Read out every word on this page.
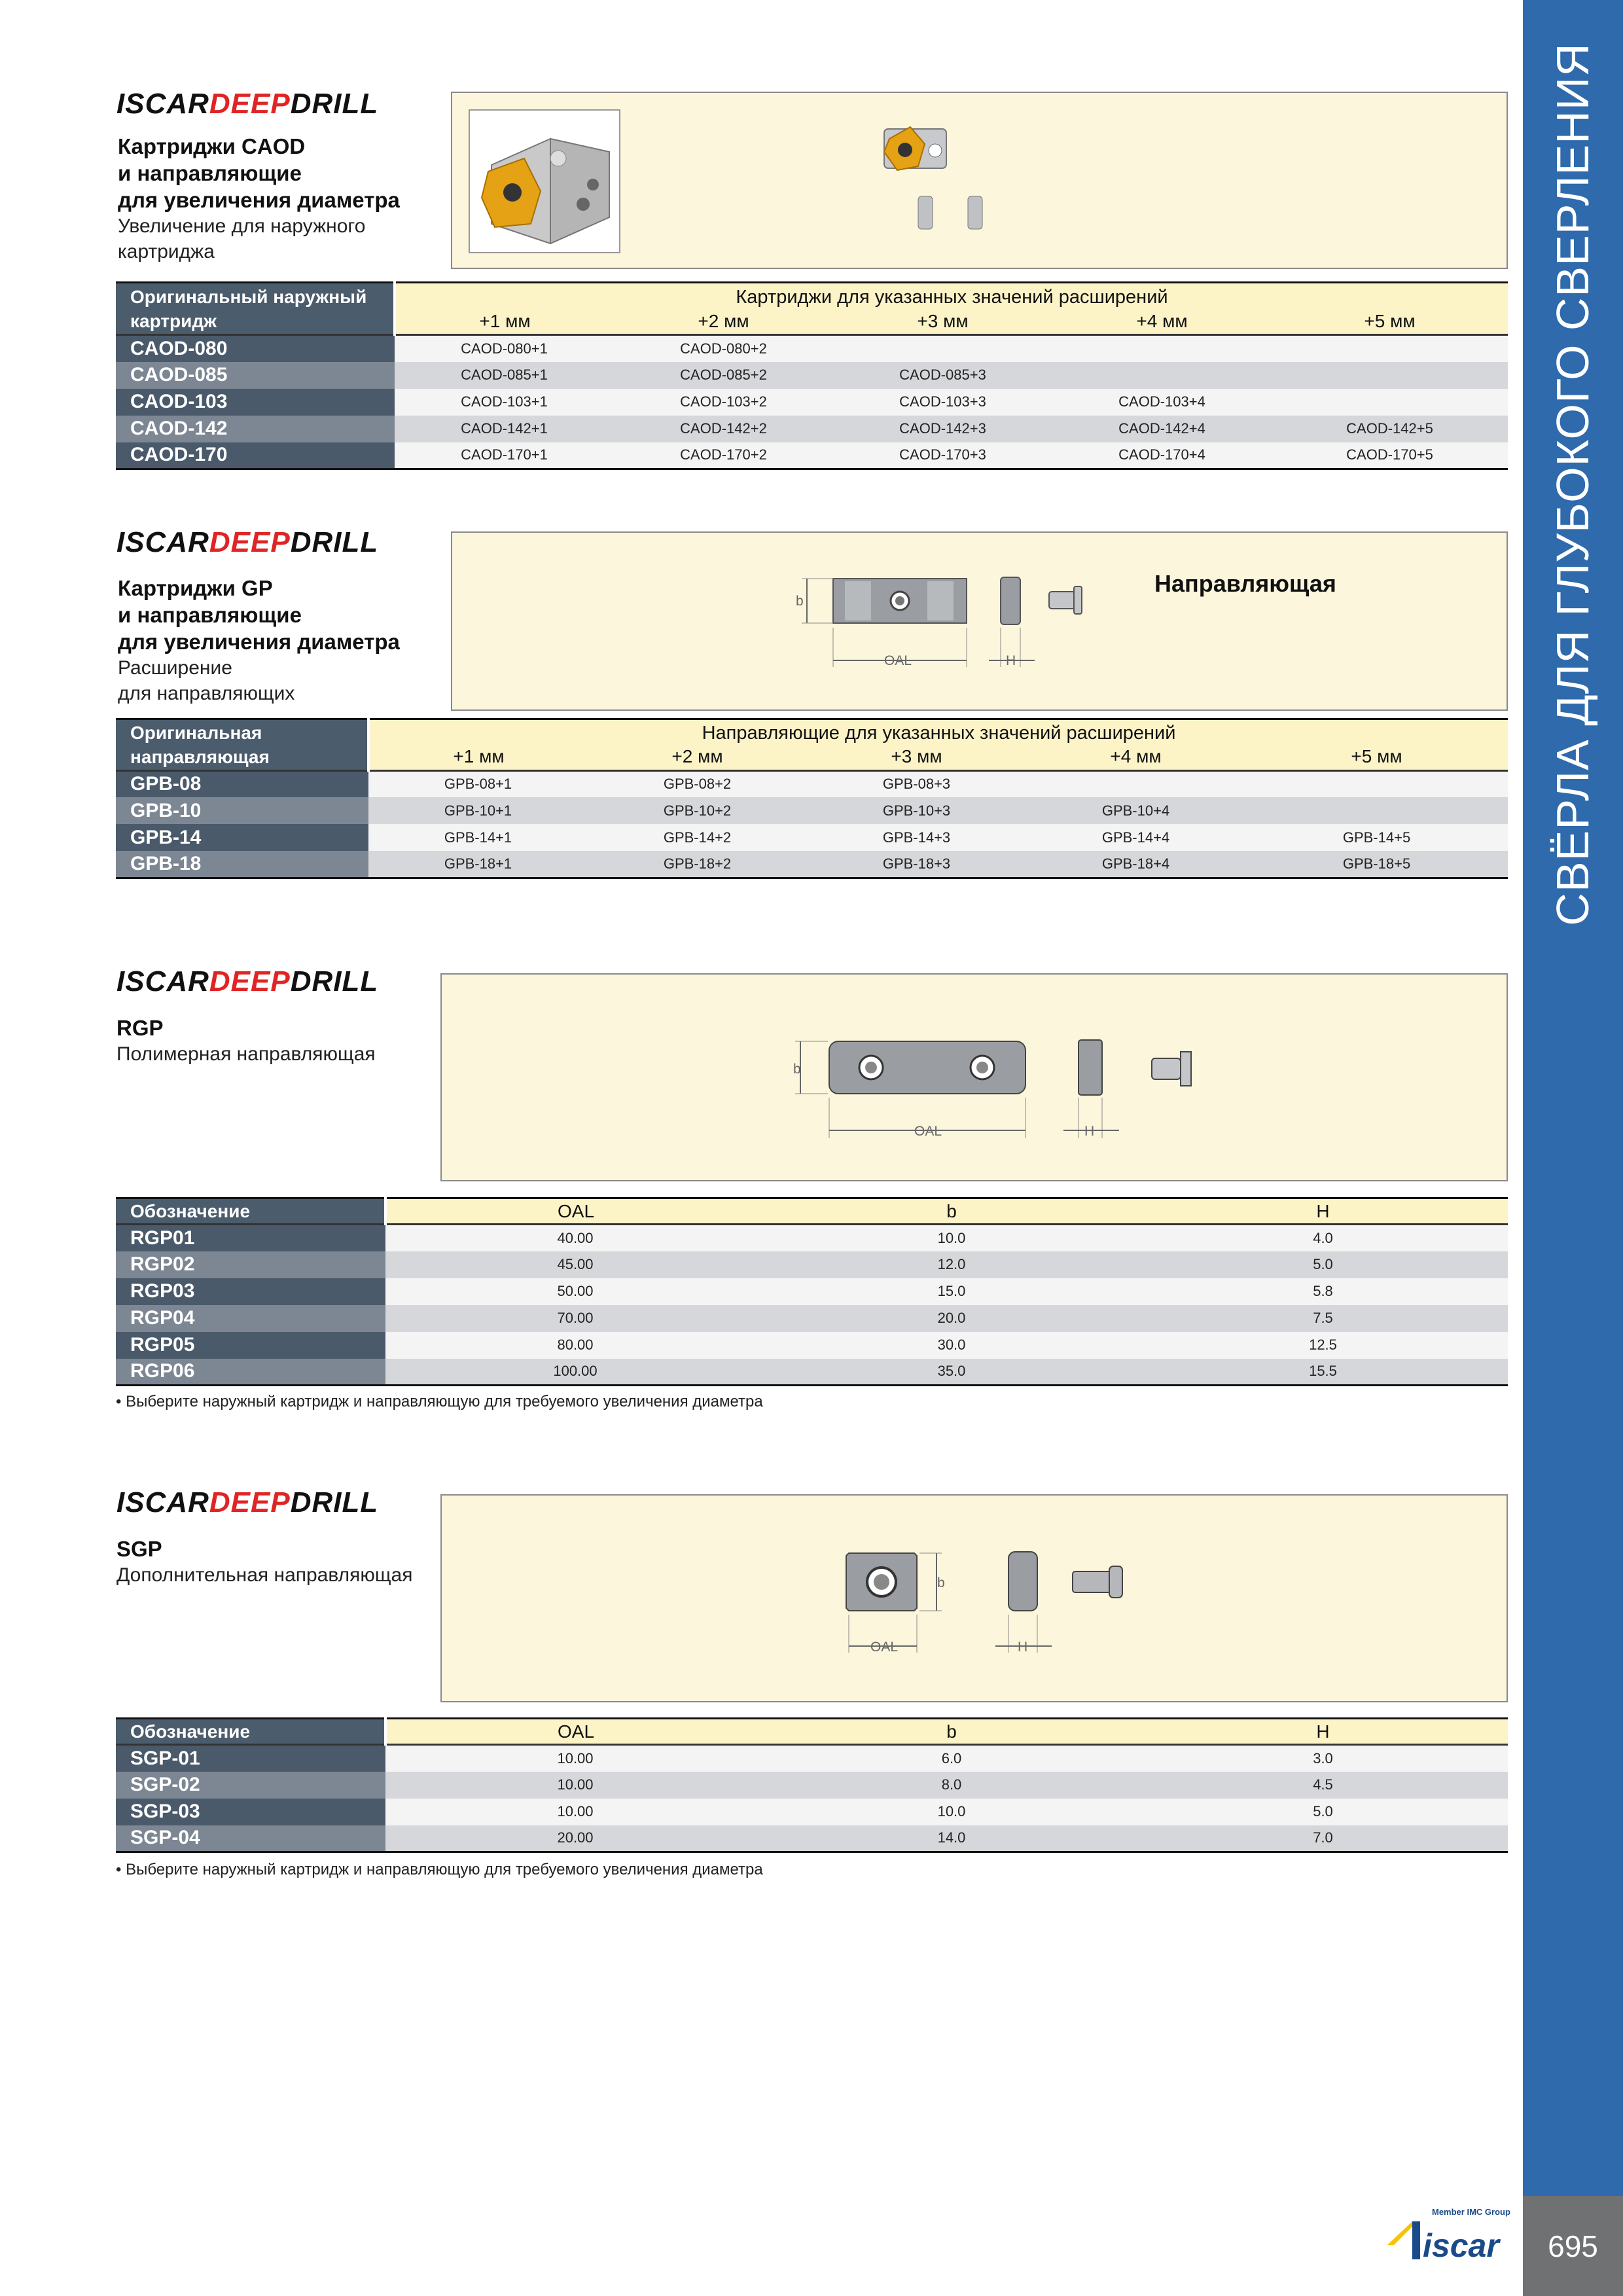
СВЁРЛА ДЛЯ ГЛУБОКОГО СВЕРЛЕНИЯ
695
Member IMC Group
iscar
ISCARDEEPDRILL
Картриджи CAOD
и направляющие
для увеличения диаметра
Увеличение для наружного
картриджа
Оригинальный наружный
картридж	Картриджи для указанных значений расширений				
	+1 мм	+2 мм	+3 мм	+4 мм	+5 мм
CAOD-080	CAOD-080+1	CAOD-080+2			
CAOD-085	CAOD-085+1	CAOD-085+2	CAOD-085+3		
CAOD-103	CAOD-103+1	CAOD-103+2	CAOD-103+3	CAOD-103+4	
CAOD-142	CAOD-142+1	CAOD-142+2	CAOD-142+3	CAOD-142+4	CAOD-142+5
CAOD-170	CAOD-170+1	CAOD-170+2	CAOD-170+3	CAOD-170+4	CAOD-170+5
ISCARDEEPDRILL
Картриджи GP
и направляющие
для увеличения диаметра
Расширение
для направляющих
b
OAL	H
Направляющая
Оригинальная
направляющая	Направляющие для указанных значений расширений				
	+1 мм	+2 мм	+3 мм	+4 мм	+5 мм
GPB-08	GPB-08+1	GPB-08+2	GPB-08+3		
GPB-10	GPB-10+1	GPB-10+2	GPB-10+3	GPB-10+4	
GPB-14	GPB-14+1	GPB-14+2	GPB-14+3	GPB-14+4	GPB-14+5
GPB-18	GPB-18+1	GPB-18+2	GPB-18+3	GPB-18+4	GPB-18+5
ISCARDEEPDRILL
RGP
Полимерная направляющая
b
OAL	H
Обозначение	OAL	b	H
RGP01	40.00	10.0	4.0
RGP02	45.00	12.0	5.0
RGP03	50.00	15.0	5.8
RGP04	70.00	20.0	7.5
RGP05	80.00	30.0	12.5
RGP06	100.00	35.0	15.5
• Выберите наружный картридж и направляющую для требуемого увеличения диаметра
ISCARDEEPDRILL
SGP
Дополнительная направляющая	b
OAL	H
Обозначение	OAL	b	H
SGP-01	10.00	6.0	3.0
SGP-02	10.00	8.0	4.5
SGP-03	10.00	10.0	5.0
SGP-04	20.00	14.0	7.0
• Выберите наружный картридж и направляющую для требуемого увеличения диаметра
